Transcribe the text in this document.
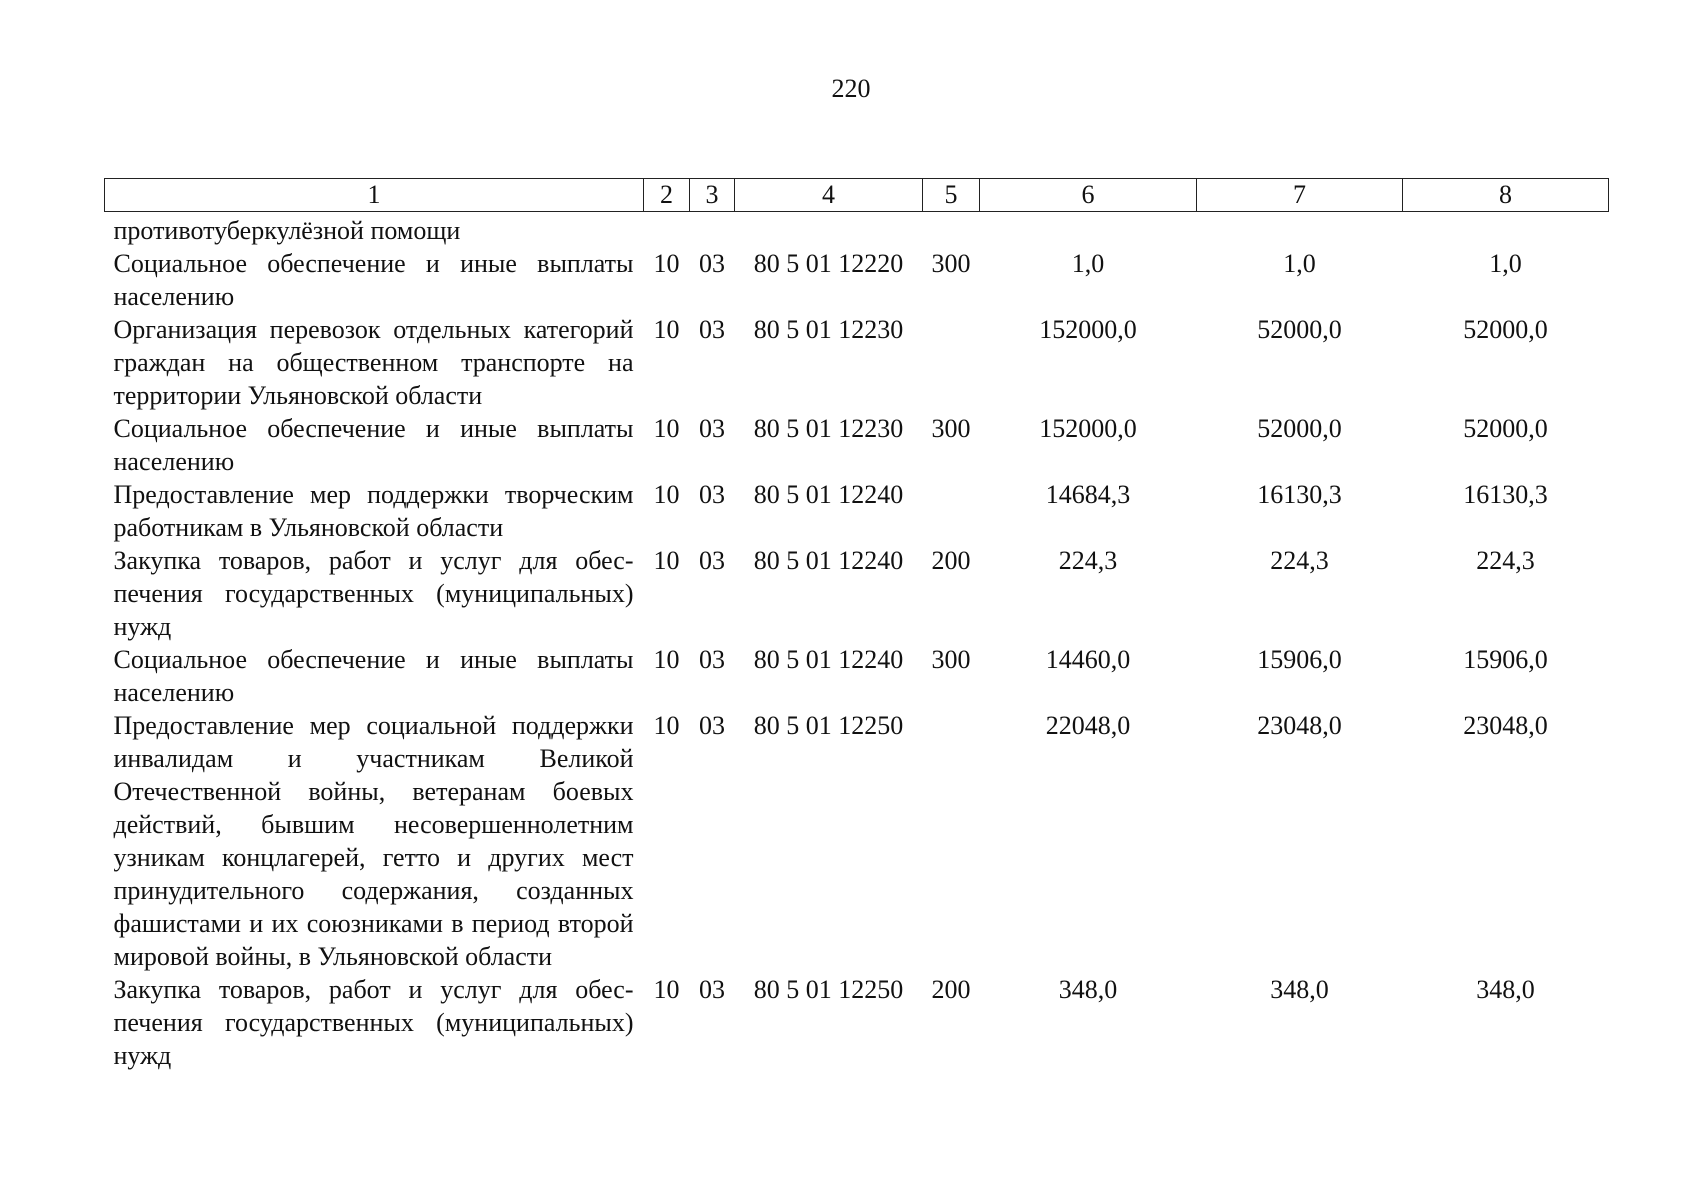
220
1	2	3	4	5	6	7	8
противотуберкулёзной помощи							
Социальное обеспечение и иные выплаты населению	10	03	80 5 01 12220	300	1,0	1,0	1,0
Организация перевозок отдельных категорий граждан на общественном транспорте на территории Ульяновской области	10	03	80 5 01 12230		152000,0	52000,0	52000,0
Социальное обеспечение и иные выплаты населению	10	03	80 5 01 12230	300	152000,0	52000,0	52000,0
Предоставление мер поддержки творческим работникам в Ульяновской области	10	03	80 5 01 12240		14684,3	16130,3	16130,3
Закупка товаров, работ и услуг для обеспечения государственных (муниципальных) нужд	10	03	80 5 01 12240	200	224,3	224,3	224,3
Социальное обеспечение и иные выплаты населению	10	03	80 5 01 12240	300	14460,0	15906,0	15906,0
Предоставление мер социальной поддержки инвалидам и участникам Великой Отечественной войны, ветеранам боевых действий, бывшим несовершеннолетним узникам концлагерей, гетто и других мест принудительного содержания, созданных фашистами и их союзниками в период второй мировой войны, в Ульяновской области	10	03	80 5 01 12250		22048,0	23048,0	23048,0
Закупка товаров, работ и услуг для обеспечения государственных (муниципальных) нужд	10	03	80 5 01 12250	200	348,0	348,0	348,0
